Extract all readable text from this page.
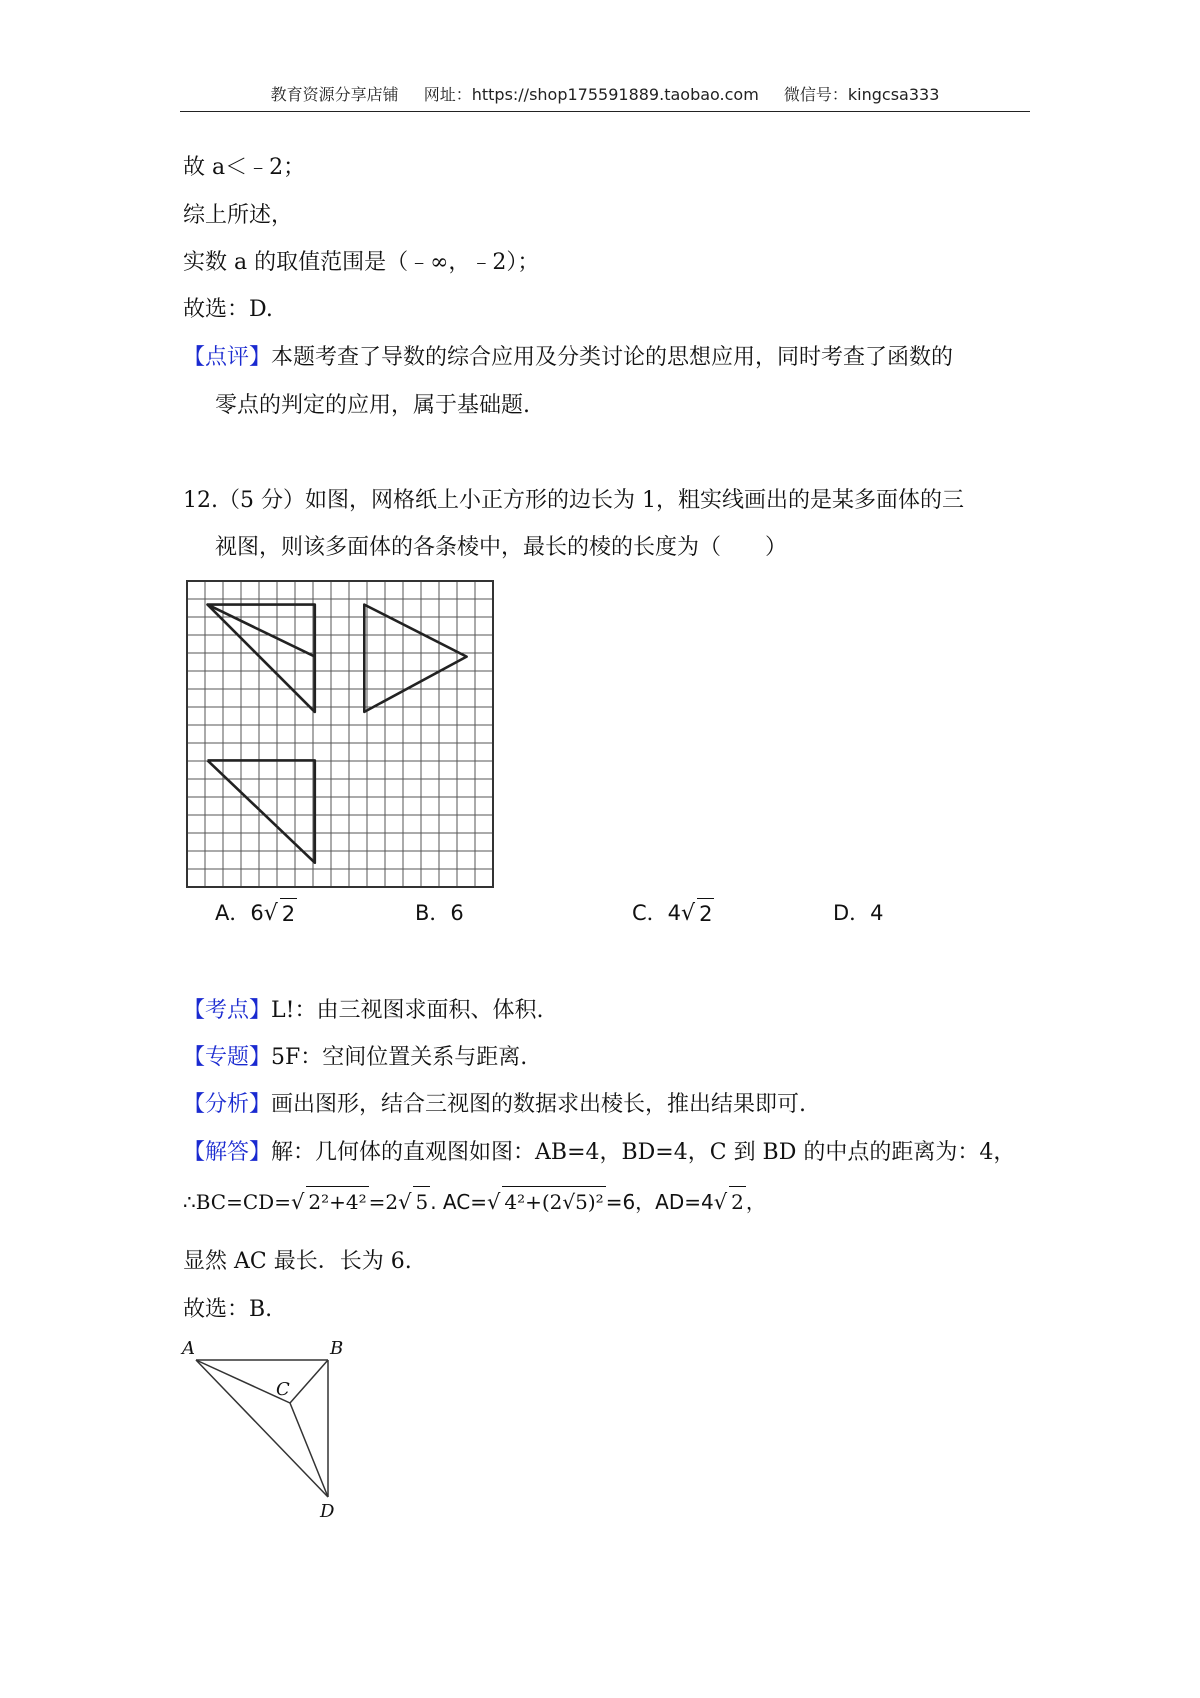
教育资源分享店铺 网址：https://shop175591889.taobao.com 微信号：kingcsa333
故 a＜﹣2；
综上所述，
实数 a 的取值范围是（﹣∞，﹣2）；
故选：D.
【点评】本题考查了导数的综合应用及分类讨论的思想应用，同时考查了函数的
零点的判定的应用，属于基础题.
12.（5 分）如图，网格纸上小正方形的边长为 1，粗实线画出的是某多面体的三
视图，则该多面体的各条棱中，最长的棱的长度为（　　）
A．6 √ 2	B．6	C．4 √ 2	D．4
【考点】L!：由三视图求面积、体积.
【专题】5F：空间位置关系与距离.
【分析】画出图形，结合三视图的数据求出棱长，推出结果即可.
【解答】解：几何体的直观图如图：AB=4，BD=4，C 到 BD 的中点的距离为：4，
∴BC=CD= √ 2²+4² =2 √ 5 . AC= √ 4²+(2√5)² =6，AD=4 √ 2 ，
显然 AC 最长．长为 6.
故选：B.
A	B
C
D
